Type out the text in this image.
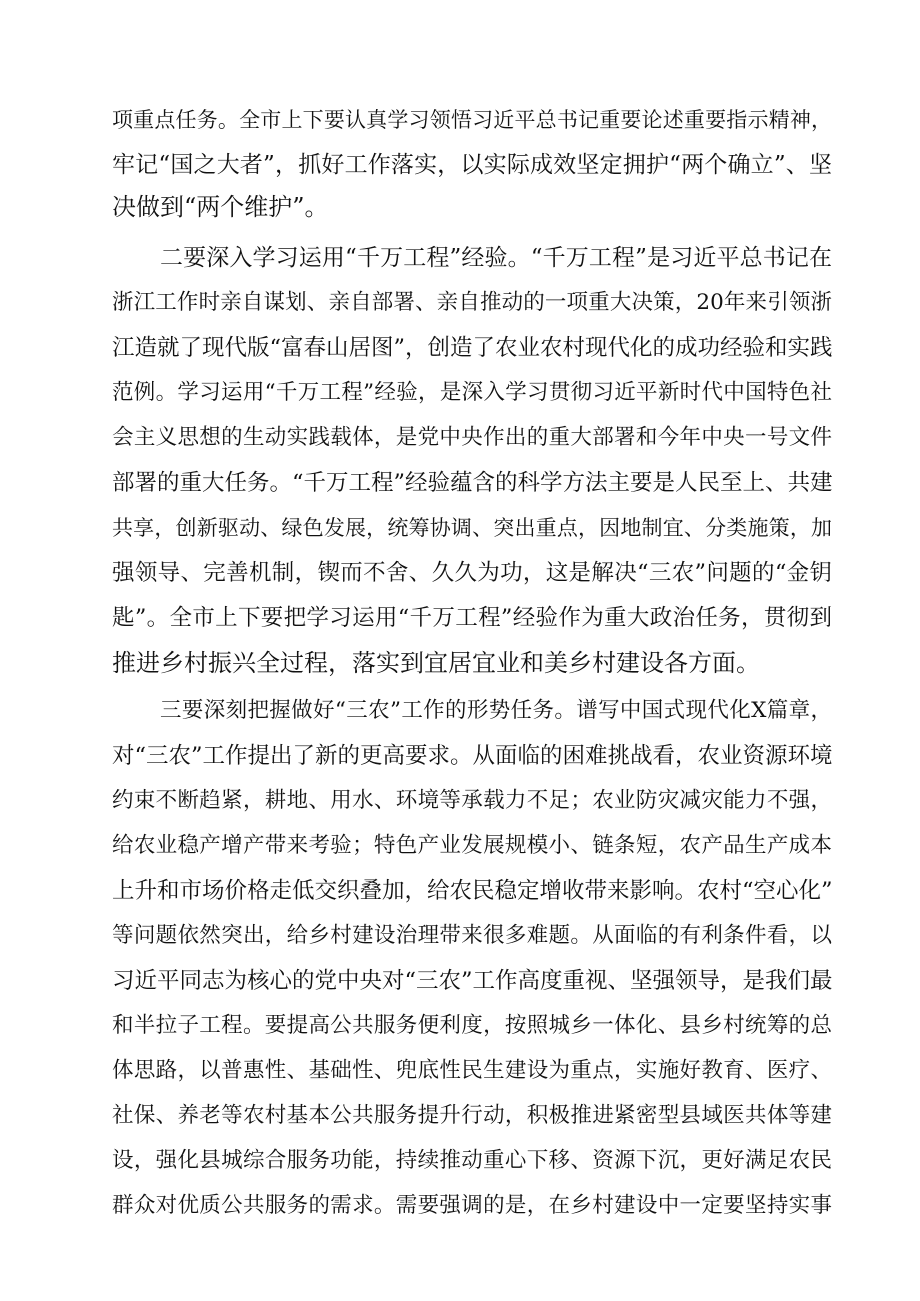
项重点任务。全市上下要认真学习领悟习近平总书记重要论述重要指示精神，
牢记“国之大者”，抓好工作落实，以实际成效坚定拥护“两个确立”、坚
决做到“两个维护”。
二要深入学习运用“千万工程”经验。“千万工程”是习近平总书记在
浙江工作时亲自谋划、亲自部署、亲自推动的一项重大决策，20年来引领浙
江造就了现代版“富春山居图”，创造了农业农村现代化的成功经验和实践
范例。学习运用“千万工程”经验，是深入学习贯彻习近平新时代中国特色社
会主义思想的生动实践载体，是党中央作出的重大部署和今年中央一号文件
部署的重大任务。“千万工程”经验蕴含的科学方法主要是人民至上、共建
共享，创新驱动、绿色发展，统筹协调、突出重点，因地制宜、分类施策，加
强领导、完善机制，锲而不舍、久久为功，这是解决“三农”问题的“金钥
匙”。全市上下要把学习运用“千万工程”经验作为重大政治任务，贯彻到
推进乡村振兴全过程，落实到宜居宜业和美乡村建设各方面。
三要深刻把握做好“三农”工作的形势任务。谱写中国式现代化X篇章，
对“三农”工作提出了新的更高要求。从面临的困难挑战看，农业资源环境
约束不断趋紧，耕地、用水、环境等承载力不足；农业防灾减灾能力不强，
给农业稳产增产带来考验；特色产业发展规模小、链条短，农产品生产成本
上升和市场价格走低交织叠加，给农民稳定增收带来影响。农村“空心化”
等问题依然突出，给乡村建设治理带来很多难题。从面临的有利条件看，以
习近平同志为核心的党中央对“三农”工作高度重视、坚强领导，是我们最
和半拉子工程。要提高公共服务便利度，按照城乡一体化、县乡村统筹的总
体思路，以普惠性、基础性、兜底性民生建设为重点，实施好教育、医疗、
社保、养老等农村基本公共服务提升行动，积极推进紧密型县域医共体等建
设，强化县城综合服务功能，持续推动重心下移、资源下沉，更好满足农民
群众对优质公共服务的需求。需要强调的是，在乡村建设中一定要坚持实事
